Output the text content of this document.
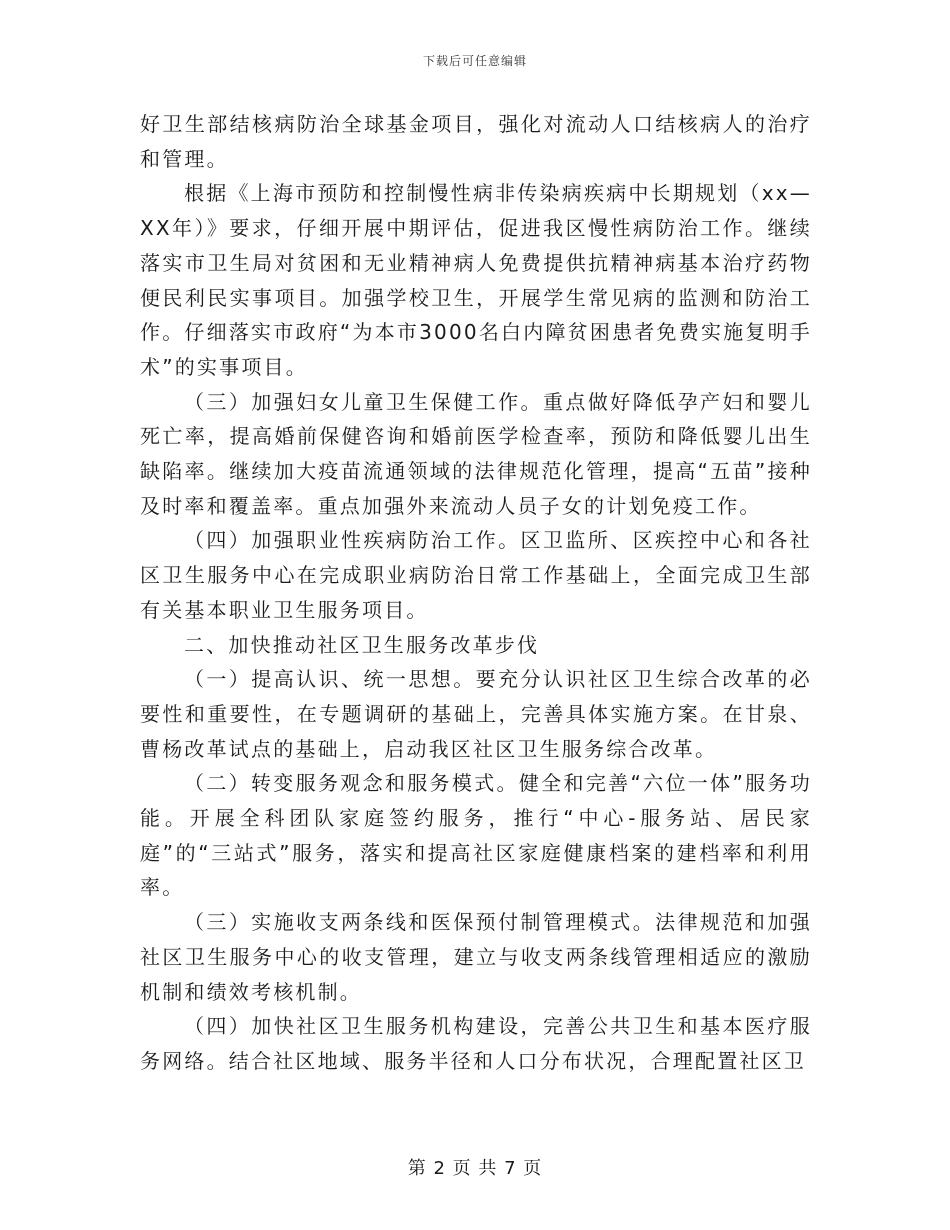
下载后可任意编辑

好卫生部结核病防治全球基金项目，强化对流动人口结核病人的治疗和管理。

根据《上海市预防和控制慢性病非传染病疾病中长期规划（xx—XX年）》要求，仔细开展中期评估，促进我区慢性病防治工作。继续落实市卫生局对贫困和无业精神病人免费提供抗精神病基本治疗药物便民利民实事项目。加强学校卫生，开展学生常见病的监测和防治工作。仔细落实市政府“为本市3000名白内障贫困患者免费实施复明手术”的实事项目。

（三）加强妇女儿童卫生保健工作。重点做好降低孕产妇和婴儿死亡率，提高婚前保健咨询和婚前医学检查率，预防和降低婴儿出生缺陷率。继续加大疫苗流通领域的法律规范化管理，提高“五苗”接种及时率和覆盖率。重点加强外来流动人员子女的计划免疫工作。

（四）加强职业性疾病防治工作。区卫监所、区疾控中心和各社区卫生服务中心在完成职业病防治日常工作基础上，全面完成卫生部有关基本职业卫生服务项目。

二、加快推动社区卫生服务改革步伐

（一）提高认识、统一思想。要充分认识社区卫生综合改革的必要性和重要性，在专题调研的基础上，完善具体实施方案。在甘泉、曹杨改革试点的基础上，启动我区社区卫生服务综合改革。

（二）转变服务观念和服务模式。健全和完善“六位一体”服务功能。开展全科团队家庭签约服务，推行“中心-服务站、居民家庭”的“三站式”服务，落实和提高社区家庭健康档案的建档率和利用率。

（三）实施收支两条线和医保预付制管理模式。法律规范和加强社区卫生服务中心的收支管理，建立与收支两条线管理相适应的激励机制和绩效考核机制。

（四）加快社区卫生服务机构建设，完善公共卫生和基本医疗服务网络。结合社区地域、服务半径和人口分布状况，合理配置社区卫

第 2 页 共 7 页
